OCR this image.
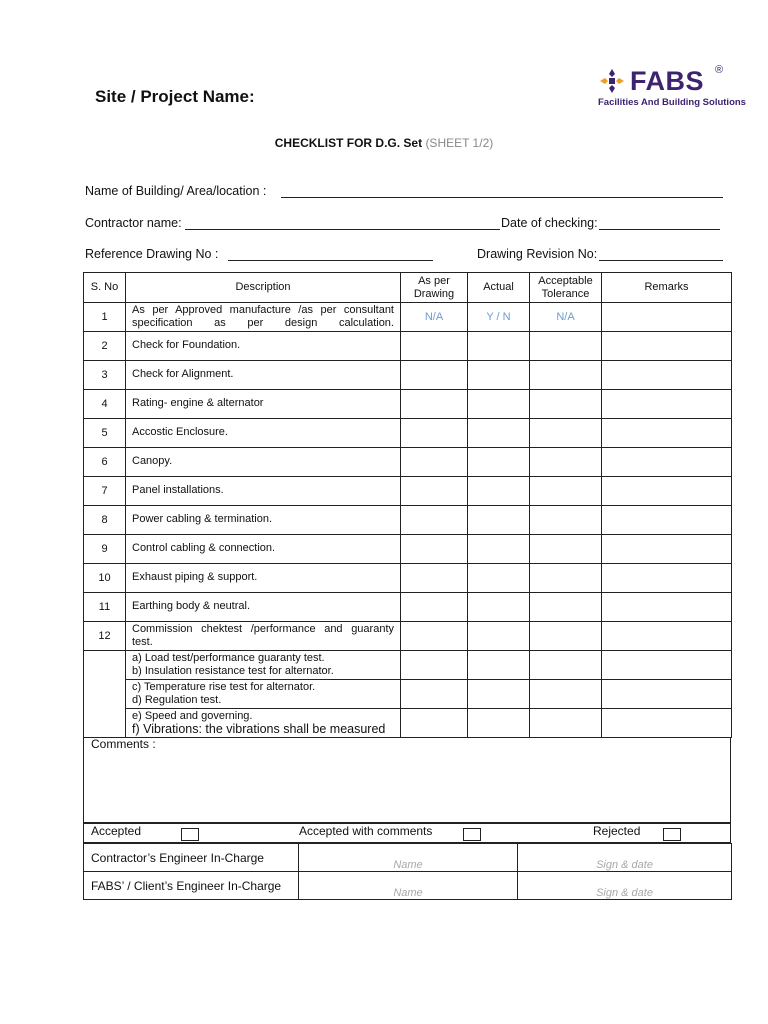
Site / Project Name:
FABS ®
Facilities And Building Solutions
CHECKLIST FOR D.G. Set (SHEET 1/2)
Name of Building/ Area/location :
Contractor name:	Date of checking:
Reference Drawing No :	Drawing Revision No:
S. No	Description	As per Drawing	Actual	Acceptable Tolerance	Remarks
1	As per Approved manufacture /as per consultant specification as per design calculation.	N/A	Y / N	N/A	
2	Check for Foundation.				
3	Check for Alignment.				
4	Rating- engine & alternator				
5	Accostic Enclosure.				
6	Canopy.				
7	Panel installations.				
8	Power cabling & termination.				
9	Control cabling & connection.				
10	Exhaust piping & support.				
11	Earthing body & neutral.				
12	Commission chektest /performance and guaranty test.				

	a) Load test/performance guaranty test.
b) Insulation resistance test for alternator.				

	c) Temperature rise test for alternator.
d) Regulation test.				

	e) Speed and governing.
f) Vibrations: the vibrations shall be measured				

Comments :
Accepted	Accepted with comments	Rejected
Contractor’s Engineer In-Charge	Name	Sign & date
FABS’ / Client’s Engineer In-Charge	Name	Sign & date
